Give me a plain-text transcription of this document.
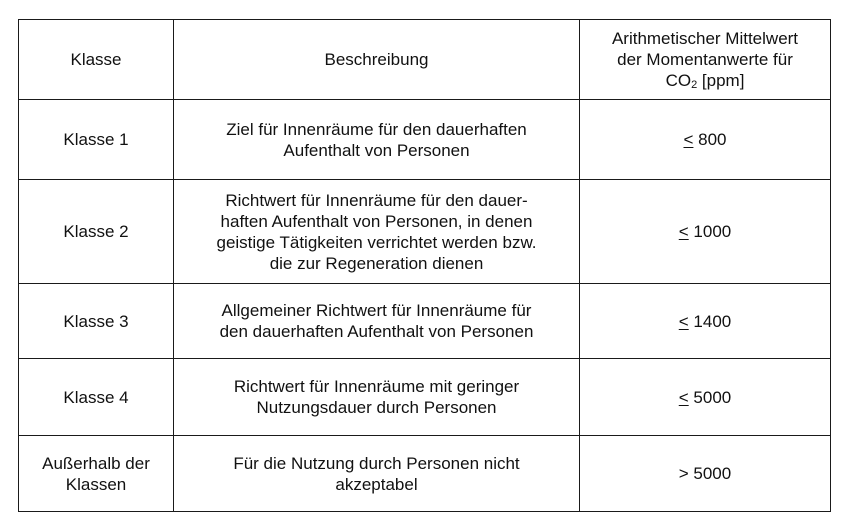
Klasse	Beschreibung	Arithmetischer Mittelwert
der Momentanwerte für
$CO_2$ [ppm]

Klasse 1	Ziel für Innenräume für den dauerhaften
Aufenthalt von Personen	≤ 800
Klasse 2	Richtwert für Innenräume für den dauer-
haften Aufenthalt von Personen, in denen
geistige Tätigkeiten verrichtet werden bzw.
die zur Regeneration dienen	≤ 1000
Klasse 3	Allgemeiner Richtwert für Innenräume für
den dauerhaften Aufenthalt von Personen	≤ 1400
Klasse 4	Richtwert für Innenräume mit geringer
Nutzungsdauer durch Personen	≤ 5000

Außerhalb der
Klassen	Für die Nutzung durch Personen nicht
akzeptabel	> 5000
